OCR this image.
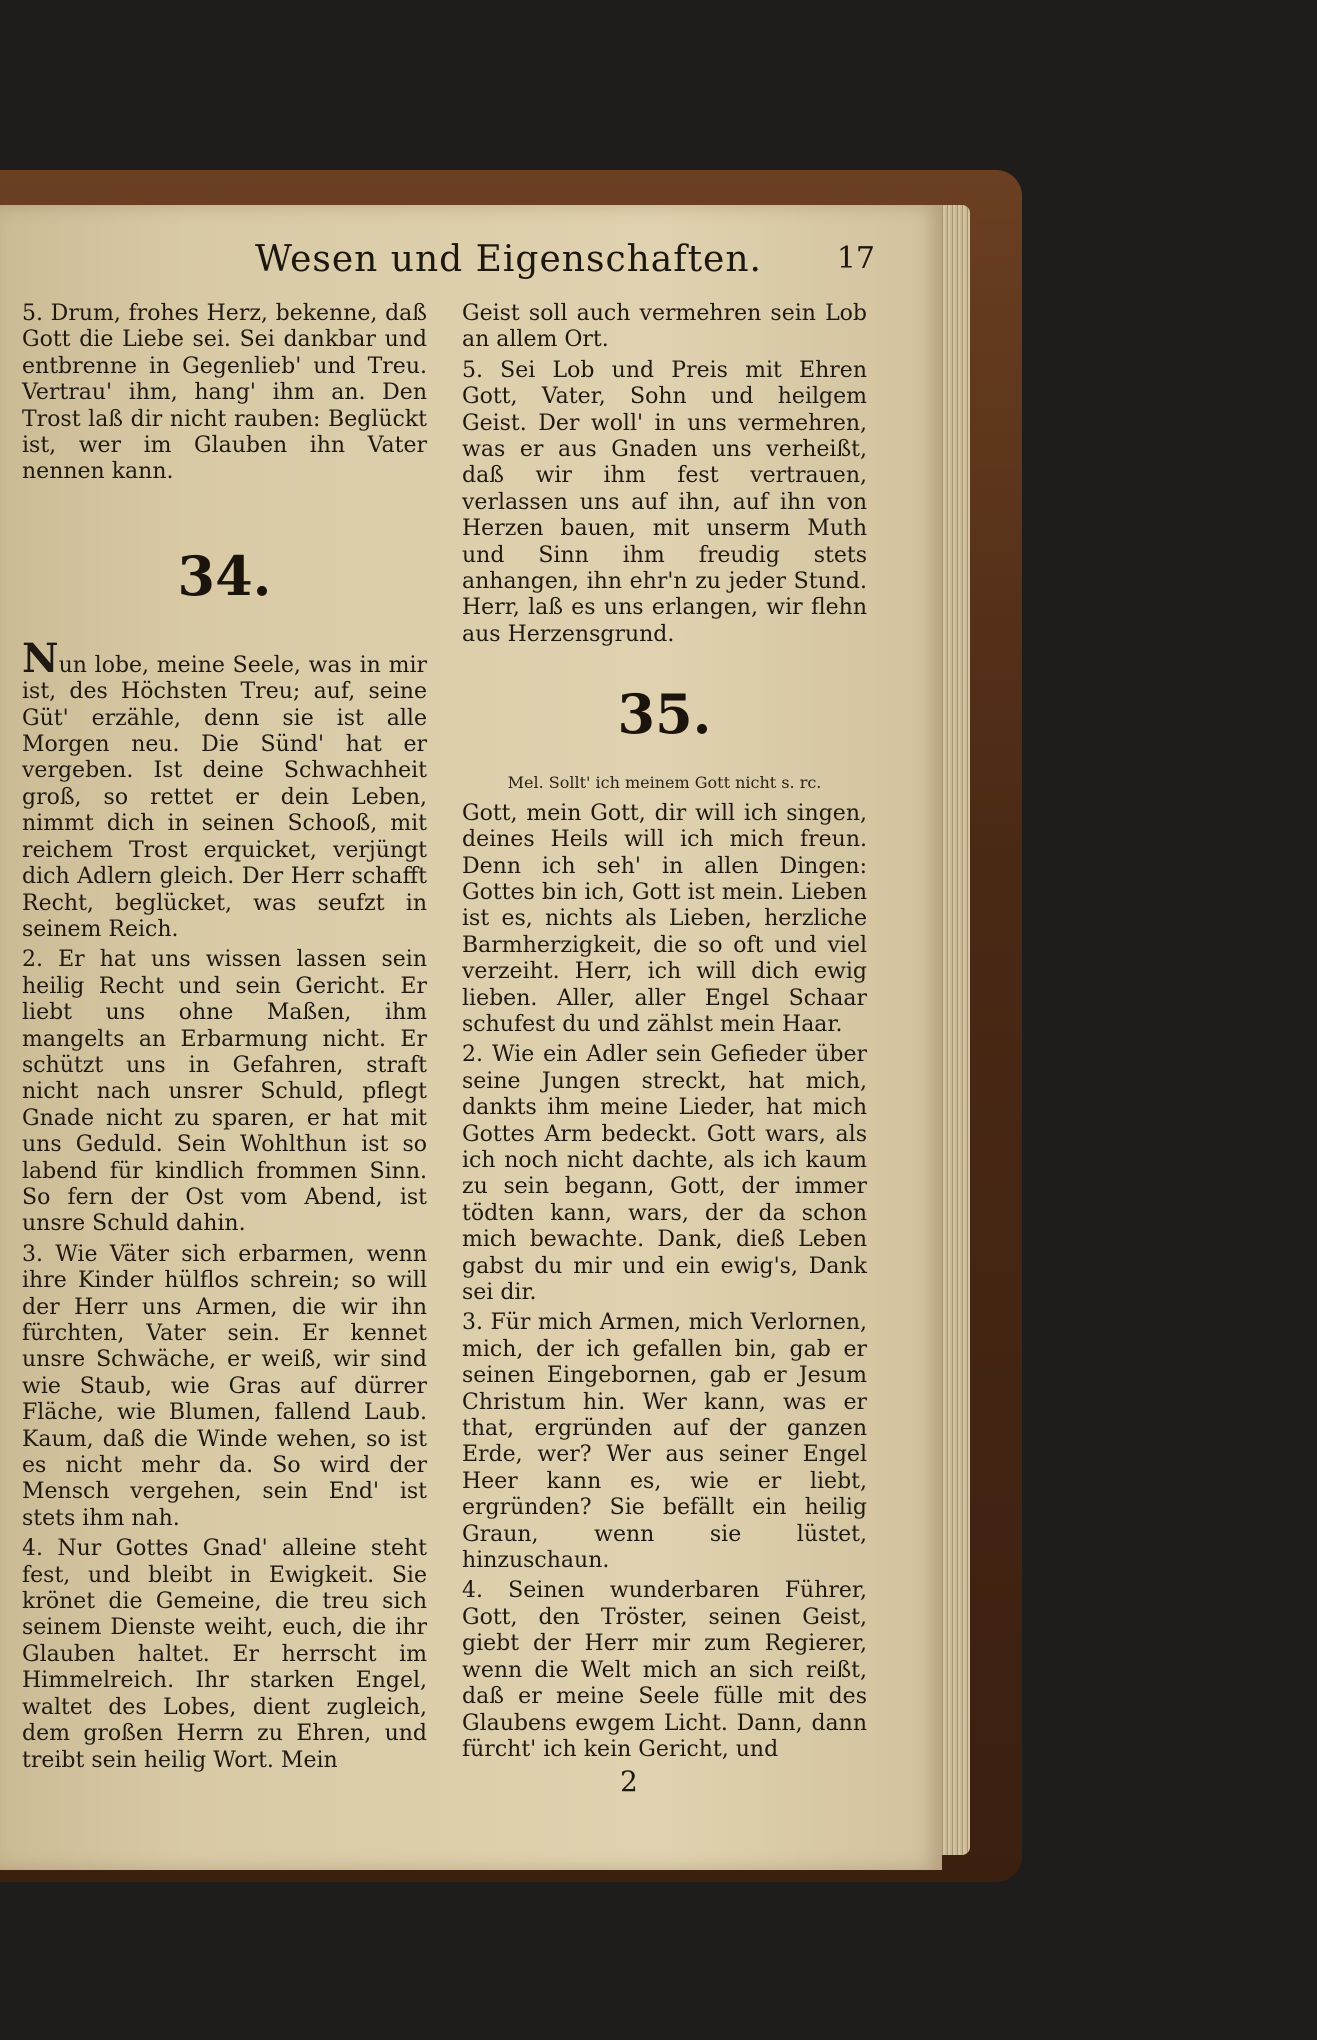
Wesen und Eigenschaften. 17

5. Drum, frohes Herz, bekenne, daß Gott die Liebe sei. Sei dankbar und entbrenne in Gegenlieb' und Treu. Vertrau' ihm, hang' ihm an. Den Trost laß dir nicht rauben: Beglückt ist, wer im Glauben ihn Vater nennen kann.

34.

Nun lobe, meine Seele, was in mir ist, des Höchsten Treu; auf, seine Güt' erzähle, denn sie ist alle Morgen neu. Die Sünd' hat er vergeben. Ist deine Schwachheit groß, so rettet er dein Leben, nimmt dich in seinen Schooß, mit reichem Trost erquicket, verjüngt dich Adlern gleich. Der Herr schafft Recht, beglücket, was seufzt in seinem Reich.

2. Er hat uns wissen lassen sein heilig Recht und sein Gericht. Er liebt uns ohne Maßen, ihm mangelts an Erbarmung nicht. Er schützt uns in Gefahren, straft nicht nach unsrer Schuld, pflegt Gnade nicht zu sparen, er hat mit uns Geduld. Sein Wohlthun ist so labend für kindlich frommen Sinn. So fern der Ost vom Abend, ist unsre Schuld dahin.

3. Wie Väter sich erbarmen, wenn ihre Kinder hülflos schrein; so will der Herr uns Armen, die wir ihn fürchten, Vater sein. Er kennet unsre Schwäche, er weiß, wir sind wie Staub, wie Gras auf dürrer Fläche, wie Blumen, fallend Laub. Kaum, daß die Winde wehen, so ist es nicht mehr da. So wird der Mensch vergehen, sein End' ist stets ihm nah.

4. Nur Gottes Gnad' alleine steht fest, und bleibt in Ewigkeit. Sie krönet die Gemeine, die treu sich seinem Dienste weiht, euch, die ihr Glauben haltet. Er herrscht im Himmelreich. Ihr starken Engel, waltet des Lobes, dient zugleich, dem großen Herrn zu Ehren, und treibt sein heilig Wort. Mein

Geist soll auch vermehren sein Lob an allem Ort.

5. Sei Lob und Preis mit Ehren Gott, Vater, Sohn und heilgem Geist. Der woll' in uns vermehren, was er aus Gnaden uns verheißt, daß wir ihm fest vertrauen, verlassen uns auf ihn, auf ihn von Herzen bauen, mit unserm Muth und Sinn ihm freudig stets anhangen, ihn ehr'n zu jeder Stund. Herr, laß es uns erlangen, wir flehn aus Herzensgrund.

35.

Mel. Sollt' ich meinem Gott nicht s. rc.

Gott, mein Gott, dir will ich singen, deines Heils will ich mich freun. Denn ich seh' in allen Dingen: Gottes bin ich, Gott ist mein. Lieben ist es, nichts als Lieben, herzliche Barmherzigkeit, die so oft und viel verzeiht. Herr, ich will dich ewig lieben. Aller, aller Engel Schaar schufest du und zählst mein Haar.

2. Wie ein Adler sein Gefieder über seine Jungen streckt, hat mich, dankts ihm meine Lieder, hat mich Gottes Arm bedeckt. Gott wars, als ich noch nicht dachte, als ich kaum zu sein begann, Gott, der immer tödten kann, wars, der da schon mich bewachte. Dank, dieß Leben gabst du mir und ein ewig's, Dank sei dir.

3. Für mich Armen, mich Verlornen, mich, der ich gefallen bin, gab er seinen Eingebornen, gab er Jesum Christum hin. Wer kann, was er that, ergründen auf der ganzen Erde, wer? Wer aus seiner Engel Heer kann es, wie er liebt, ergründen? Sie befällt ein heilig Graun, wenn sie lüstet, hinzuschaun.

4. Seinen wunderbaren Führer, Gott, den Tröster, seinen Geist, giebt der Herr mir zum Regierer, wenn die Welt mich an sich reißt, daß er meine Seele fülle mit des Glaubens ewgem Licht. Dann, dann fürcht' ich kein Gericht, und

2
